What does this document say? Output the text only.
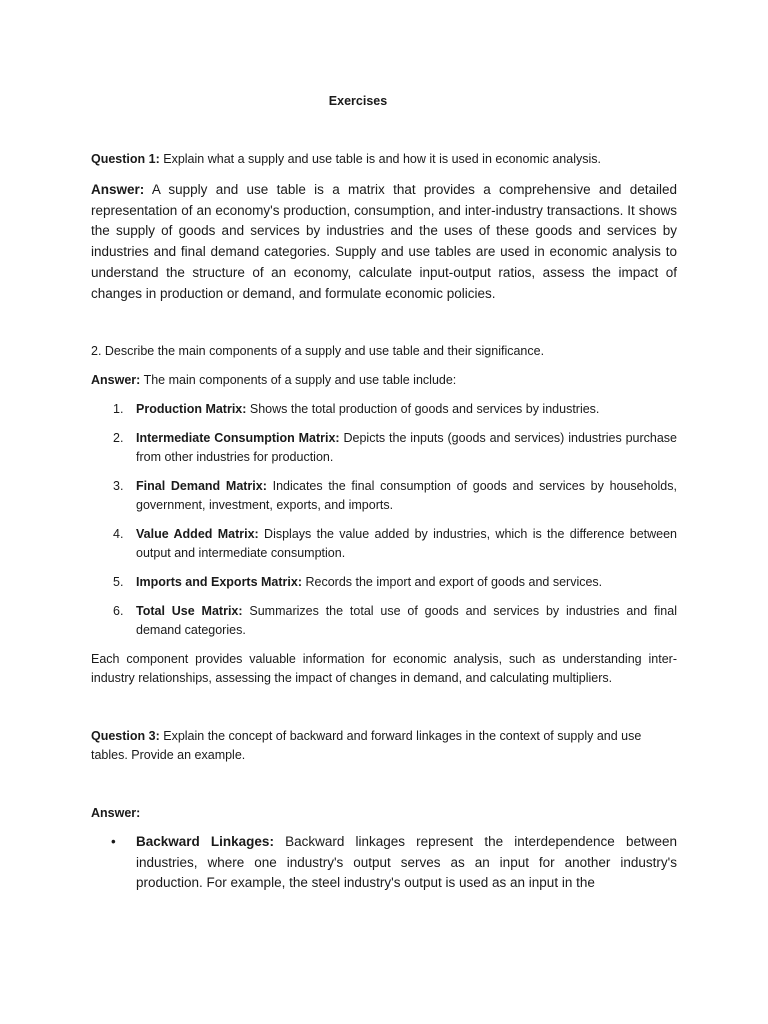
Exercises
Question 1: Explain what a supply and use table is and how it is used in economic analysis.
Answer: A supply and use table is a matrix that provides a comprehensive and detailed representation of an economy's production, consumption, and inter-industry transactions. It shows the supply of goods and services by industries and the uses of these goods and services by industries and final demand categories. Supply and use tables are used in economic analysis to understand the structure of an economy, calculate input-output ratios, assess the impact of changes in production or demand, and formulate economic policies.
2. Describe the main components of a supply and use table and their significance.
Answer: The main components of a supply and use table include:
1.	Production Matrix: Shows the total production of goods and services by industries.
2.	Intermediate Consumption Matrix: Depicts the inputs (goods and services) industries purchase from other industries for production.
3.	Final Demand Matrix: Indicates the final consumption of goods and services by households, government, investment, exports, and imports.
4.	Value Added Matrix: Displays the value added by industries, which is the difference between output and intermediate consumption.
5.	Imports and Exports Matrix: Records the import and export of goods and services.
6.	Total Use Matrix: Summarizes the total use of goods and services by industries and final demand categories.
Each component provides valuable information for economic analysis, such as understanding inter-industry relationships, assessing the impact of changes in demand, and calculating multipliers.
Question 3: Explain the concept of backward and forward linkages in the context of supply and use tables. Provide an example.
Answer:
• Backward Linkages: Backward linkages represent the interdependence between industries, where one industry's output serves as an input for another industry's production. For example, the steel industry's output is used as an input in the
